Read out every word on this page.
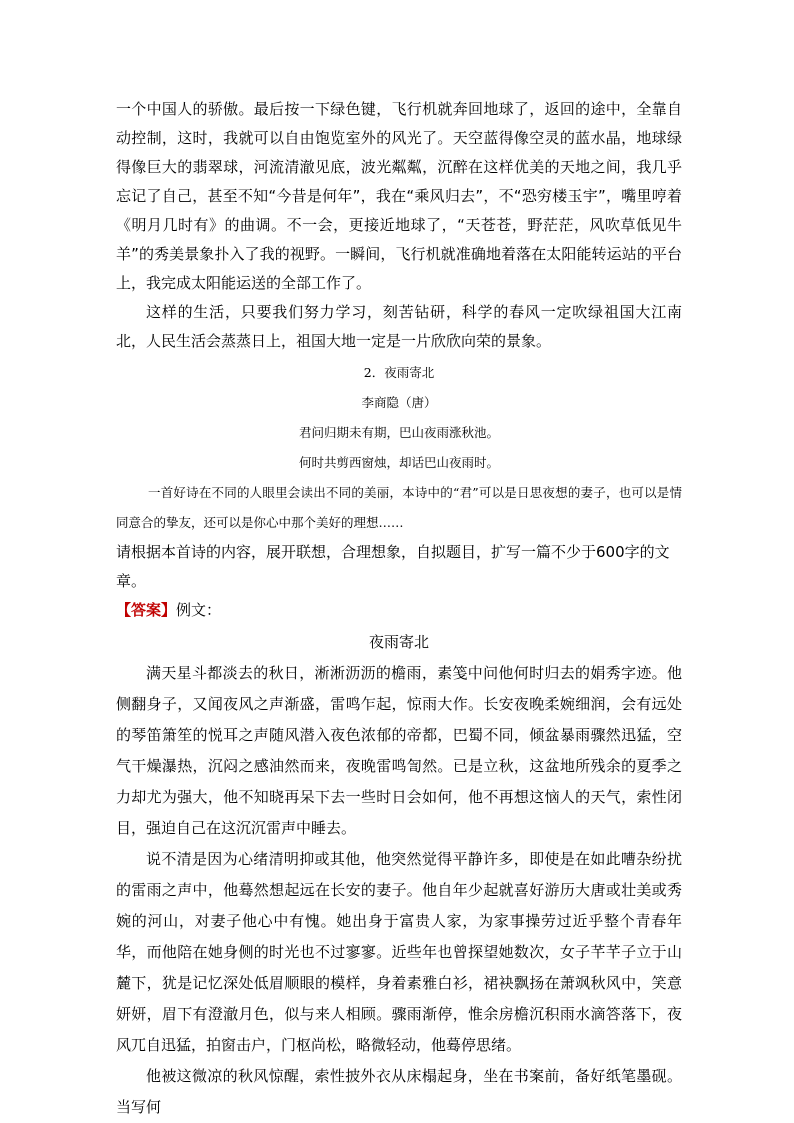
一个中国人的骄傲。最后按一下绿色键，飞行机就奔回地球了，返回的途中，全靠自动控制，这时，我就可以自由饱览室外的风光了。天空蓝得像空灵的蓝水晶，地球绿得像巨大的翡翠球，河流清澈见底，波光粼粼，沉醉在这样优美的天地之间，我几乎忘记了自己，甚至不知“今昔是何年”，我在“乘风归去”，不“恐穷楼玉宇”，嘴里哼着《明月几时有》的曲调。不一会，更接近地球了，“天苍苍，野茫茫，风吹草低见牛羊”的秀美景象扑入了我的视野。一瞬间，飞行机就准确地着落在太阳能转运站的平台上，我完成太阳能运送的全部工作了。

这样的生活，只要我们努力学习，刻苦钻研，科学的春风一定吹绿祖国大江南北，人民生活会蒸蒸日上，祖国大地一定是一片欣欣向荣的景象。

2．夜雨寄北

李商隐（唐）

君问归期未有期，巴山夜雨涨秋池。

何时共剪西窗烛，却话巴山夜雨时。

一首好诗在不同的人眼里会读出不同的美丽，本诗中的“君”可以是日思夜想的妻子，也可以是情同意合的挚友，还可以是你心中那个美好的理想……

请根据本首诗的内容，展开联想，合理想象，自拟题目，扩写一篇不少于600字的文章。

【答案】例文：

夜雨寄北

满天星斗都淡去的秋日，淅淅沥沥的檐雨，素笺中问他何时归去的娟秀字迹。他侧翻身子，又闻夜风之声渐盛，雷鸣乍起，惊雨大作。长安夜晚柔婉细润，会有远处的琴笛箫笙的悦耳之声随风潜入夜色浓郁的帝都，巴蜀不同，倾盆暴雨骤然迅猛，空气干燥瀑热，沉闷之感油然而来，夜晚雷鸣訇然。已是立秋，这盆地所残余的夏季之力却尤为强大，他不知晓再呆下去一些时日会如何，他不再想这恼人的天气，索性闭目，强迫自己在这沉沉雷声中睡去。

说不清是因为心绪清明抑或其他，他突然觉得平静许多，即使是在如此嘈杂纷扰的雷雨之声中，他蓦然想起远在长安的妻子。他自年少起就喜好游历大唐或壮美或秀婉的河山，对妻子他心中有愧。她出身于富贵人家，为家事操劳过近乎整个青春年华，而他陪在她身侧的时光也不过寥寥。近些年也曾探望她数次，女子芊芊子立于山麓下，犹是记忆深处低眉顺眼的模样，身着素雅白衫，裙袂飘扬在萧飒秋风中，笑意妍妍，眉下有澄澈月色，似与来人相顾。骤雨渐停，惟余房檐沉积雨水滴答落下，夜风兀自迅猛，拍窗击户，门枢尚松，略微轻动，他蓦停思绪。

他被这微凉的秋风惊醒，索性披外衣从床榻起身，坐在书案前，备好纸笔墨砚。当写何
